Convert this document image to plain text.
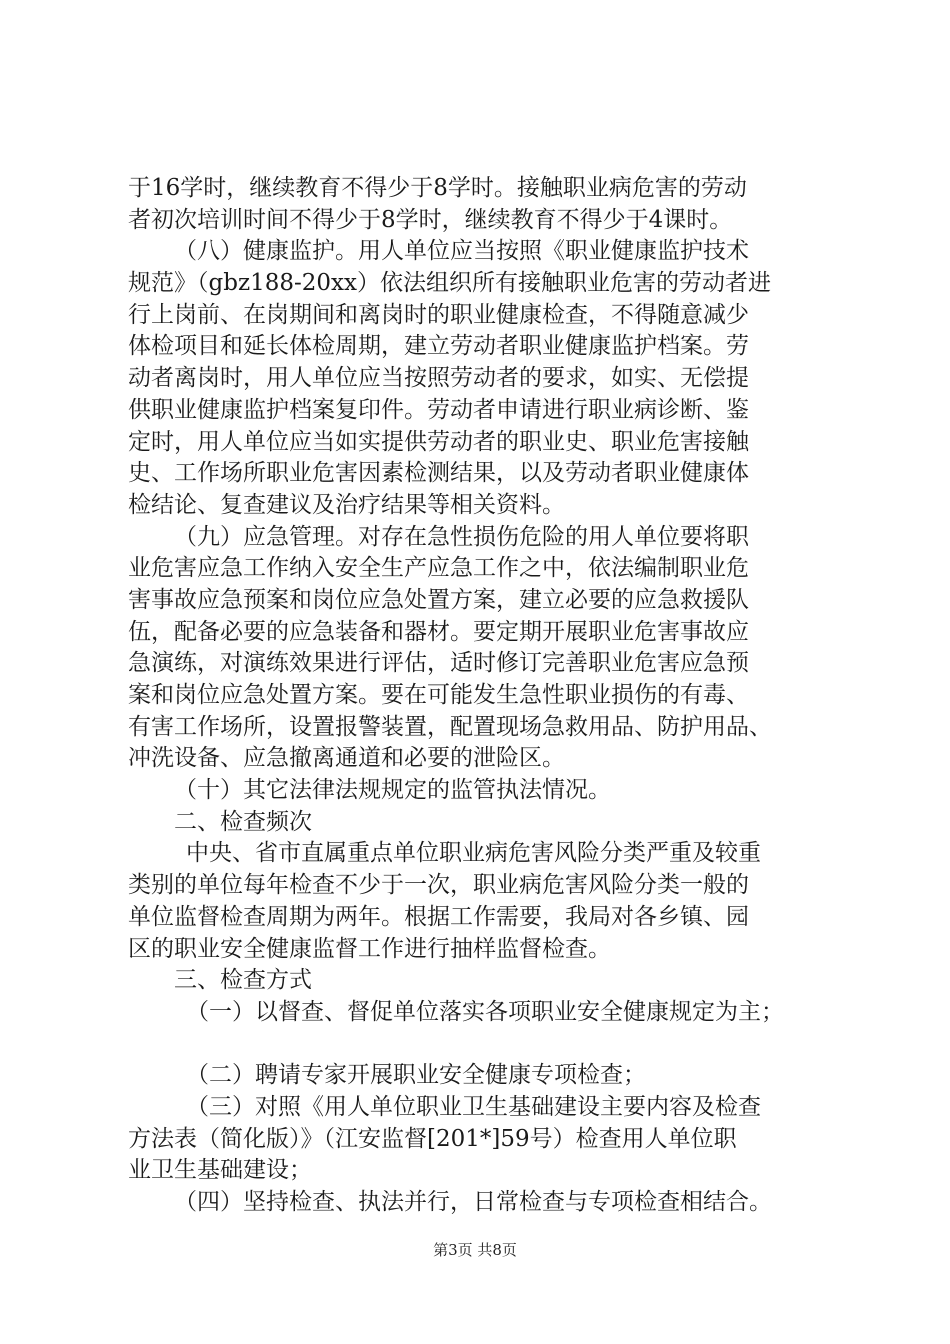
于16学时，继续教育不得少于8学时。接触职业病危害的劳动
者初次培训时间不得少于8学时，继续教育不得少于4课时。
（八）健康监护。用人单位应当按照《职业健康监护技术
规范》（gbz188-20xx）依法组织所有接触职业危害的劳动者进
行上岗前、在岗期间和离岗时的职业健康检查，不得随意减少
体检项目和延长体检周期，建立劳动者职业健康监护档案。劳
动者离岗时，用人单位应当按照劳动者的要求，如实、无偿提
供职业健康监护档案复印件。劳动者申请进行职业病诊断、鉴
定时，用人单位应当如实提供劳动者的职业史、职业危害接触
史、工作场所职业危害因素检测结果，以及劳动者职业健康体
检结论、复查建议及治疗结果等相关资料。
（九）应急管理。对存在急性损伤危险的用人单位要将职
业危害应急工作纳入安全生产应急工作之中，依法编制职业危
害事故应急预案和岗位应急处置方案，建立必要的应急救援队
伍，配备必要的应急装备和器材。要定期开展职业危害事故应
急演练，对演练效果进行评估，适时修订完善职业危害应急预
案和岗位应急处置方案。要在可能发生急性职业损伤的有毒、
有害工作场所，设置报警装置，配置现场急救用品、防护用品、
冲洗设备、应急撤离通道和必要的泄险区。
（十）其它法律法规规定的监管执法情况。
二、检查频次
中央、省市直属重点单位职业病危害风险分类严重及较重
类别的单位每年检查不少于一次，职业病危害风险分类一般的
单位监督检查周期为两年。根据工作需要，我局对各乡镇、园
区的职业安全健康监督工作进行抽样监督检查。
三、检查方式
（一）以督查、督促单位落实各项职业安全健康规定为主；
（二）聘请专家开展职业安全健康专项检查；
（三）对照《用人单位职业卫生基础建设主要内容及检查
方法表（简化版）》（江安监督[201*]59号）检查用人单位职
业卫生基础建设；
（四）坚持检查、执法并行，日常检查与专项检查相结合。
第3页 共8页
